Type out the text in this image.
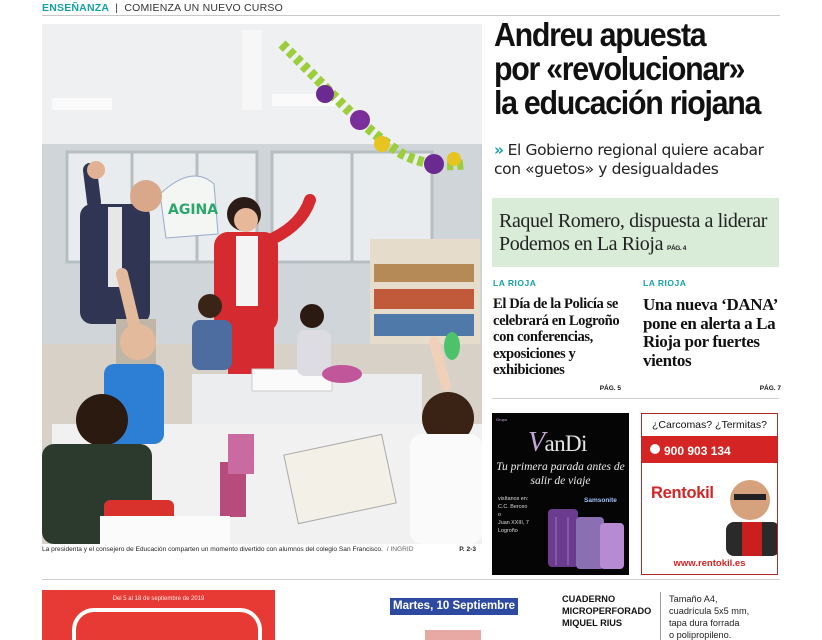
ENSEÑANZA | COMIENZA UN NUEVO CURSO
AGINA
La presidenta y el consejero de Educación comparten un momento divertido con alumnos del colegio San Francisco. / INGRID	P. 2-3
Andreu apuesta
por «revolucionar»
la educación riojana
» El Gobierno regional quiere acabar con «guetos» y desigualdades
Raquel Romero, dispuesta a liderar Podemos en La Rioja PÁG. 4
LA RIOJA
El Día de la Policía se celebrará en Logroño con conferencias, exposiciones y exhibiciones
PÁG. 5
LA RIOJA
Una nueva ‘DANA’ pone en alerta a La Rioja por fuertes vientos
PÁG. 7
Grupo
VanDi
Tu primera parada antes de salir de viaje
visítanos en:
C.C. Berceo
o
Juan XXIII, 7
Logroño
Samsonite
¿Carcomas? ¿Termitas?
900 903 134
Rentokil
www.rentokil.es
Del 5 al 18 de septiembre de 2019
Martes, 10 Septiembre
CUADERNO
MICROPERFORADO
MIQUEL RIUS
Tamaño A4,
cuadrícula 5x5 mm,
tapa dura forrada
o polipropileno.
